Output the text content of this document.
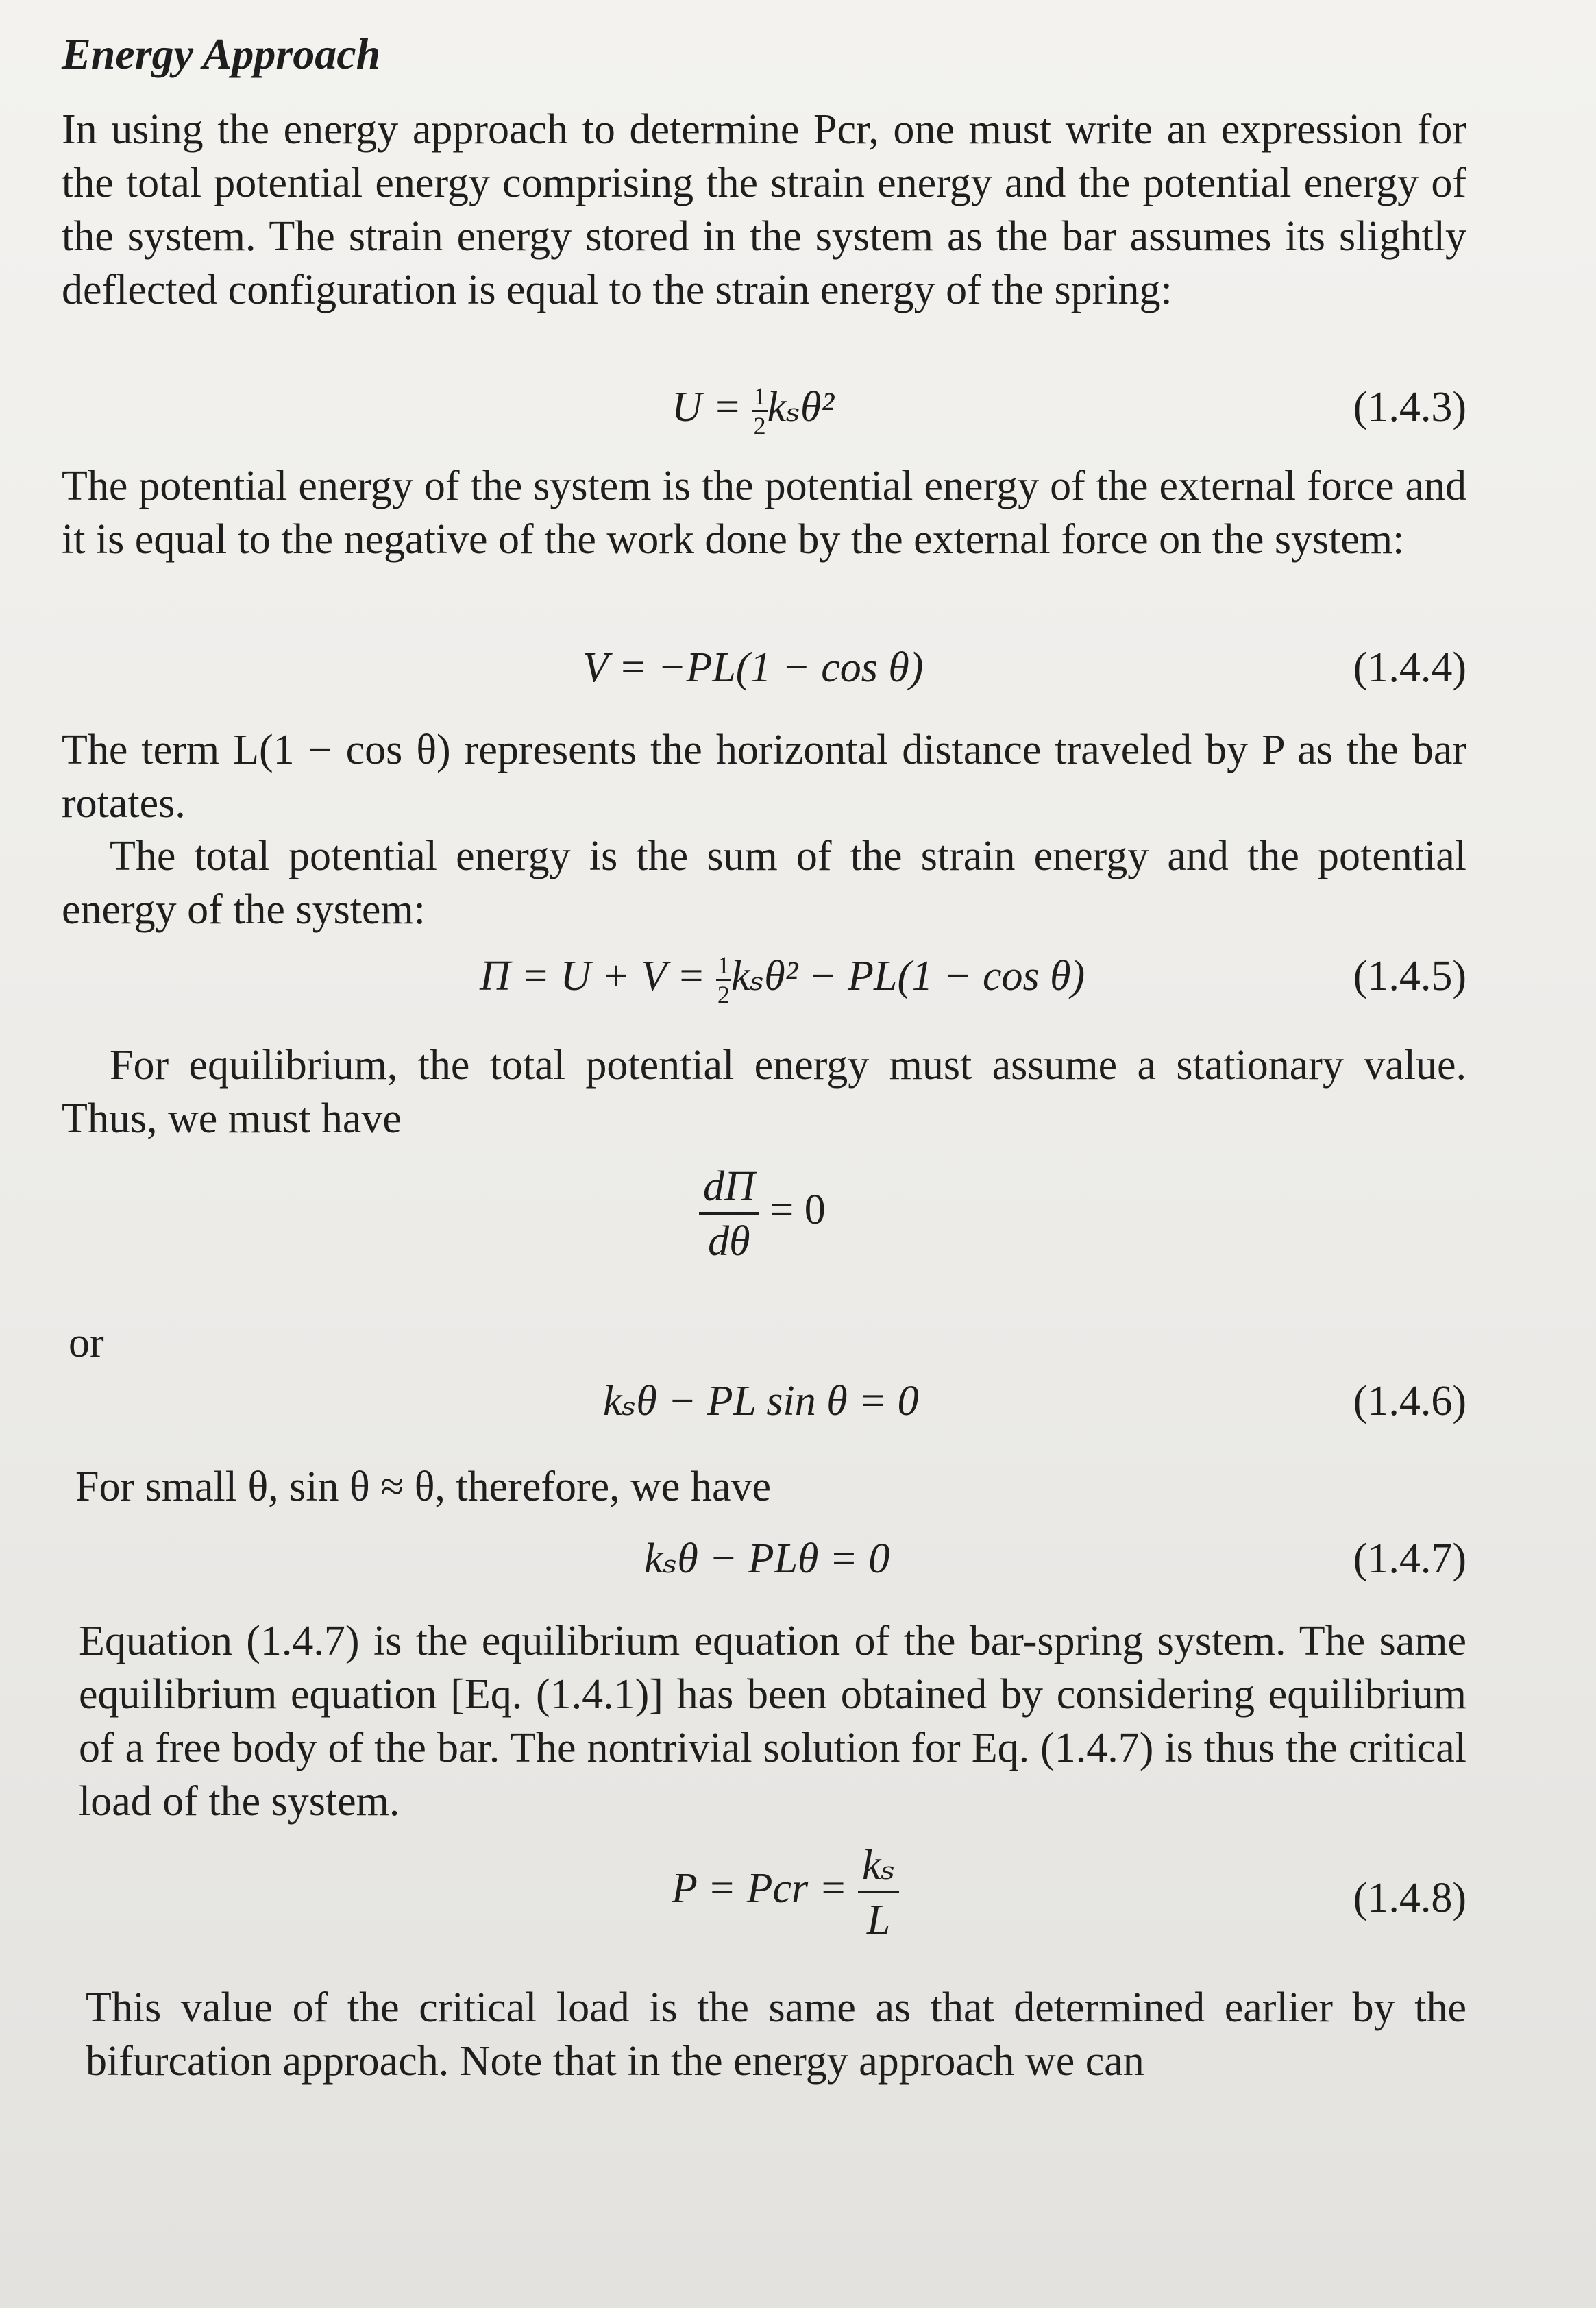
Energy Approach
In using the energy approach to determine Pcr, one must write an expression for the total potential energy comprising the strain energy and the potential energy of the system. The strain energy stored in the system as the bar assumes its slightly deflected configuration is equal to the strain energy of the spring:
$U = \frac{1}{2} k_s\theta^2$	(1.4.3)
The potential energy of the system is the potential energy of the external force and it is equal to the negative of the work done by the external force on the system:
V = −PL(1 − cos θ)	(1.4.4)
The term L(1 − cos θ) represents the horizontal distance traveled by P as the bar rotates.
The total potential energy is the sum of the strain energy and the potential energy of the system:
$\Pi = U + V = \frac{1}{2} k_s\theta^2 - PL(1 - \cos \theta)$	(1.4.5)
For equilibrium, the total potential energy must assume a stationary value. Thus, we must have
$\frac{d\Pi}{d\theta} = 0$
or
kₛθ − PL sin θ = 0	(1.4.6)
For small θ, sin θ ≈ θ, therefore, we have
kₛθ − PLθ = 0	(1.4.7)
Equation (1.4.7) is the equilibrium equation of the bar-spring system. The same equilibrium equation [Eq. (1.4.1)] has been obtained by considering equilibrium of a free body of the bar. The nontrivial solution for Eq. (1.4.7) is thus the critical load of the system.
P = Pcr = $\frac{\text{kₛ}}{L}$	(1.4.8)
This value of the critical load is the same as that determined earlier by the bifurcation approach. Note that in the energy approach we can
